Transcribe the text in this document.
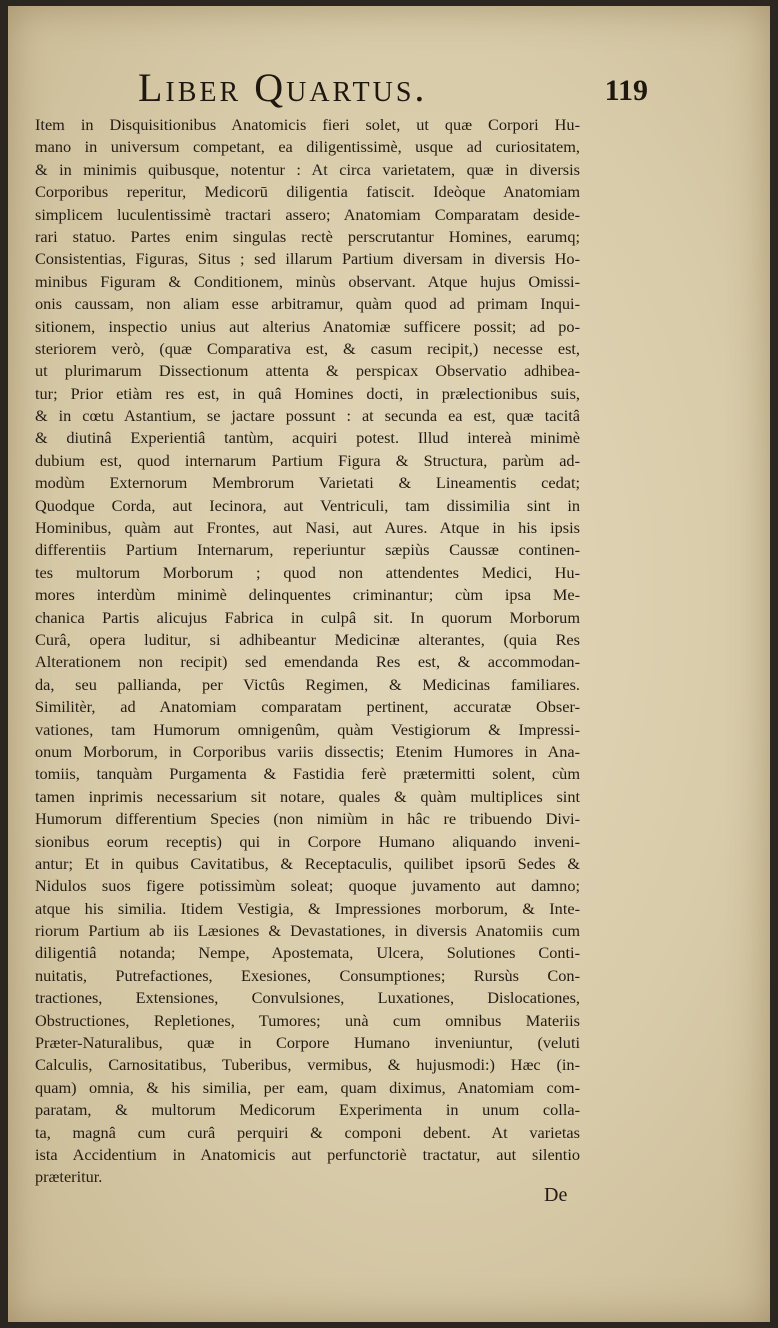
Liber Quartus.	119
Item in Disquisitionibus Anatomicis fieri solet, ut quæ Corpori Hu-
mano in universum competant, ea diligentissimè, usque ad curiositatem,
& in minimis quibusque, notentur : At circa varietatem, quæ in diversis
Corporibus reperitur, Medicorū diligentia fatiscit. Ideòque Anatomiam
simplicem luculentissimè tractari assero; Anatomiam Comparatam deside-
rari statuo. Partes enim singulas rectè perscrutantur Homines, earumq;
Consistentias, Figuras, Situs ; sed illarum Partium diversam in diversis Ho-
minibus Figuram & Conditionem, minùs observant. Atque hujus Omissi-
onis caussam, non aliam esse arbitramur, quàm quod ad primam Inqui-
sitionem, inspectio unius aut alterius Anatomiæ sufficere possit; ad po-
steriorem verò, (quæ Comparativa est, & casum recipit,) necesse est,
ut plurimarum Dissectionum attenta & perspicax Observatio adhibea-
tur; Prior etiàm res est, in quâ Homines docti, in prælectionibus suis,
& in cœtu Astantium, se jactare possunt : at secunda ea est, quæ tacitâ
& diutinâ Experientiâ tantùm, acquiri potest. Illud intereà minimè
dubium est, quod internarum Partium Figura & Structura, parùm ad-
modùm Externorum Membrorum Varietati & Lineamentis cedat;
Quodque Corda, aut Iecinora, aut Ventriculi, tam dissimilia sint in
Hominibus, quàm aut Frontes, aut Nasi, aut Aures. Atque in his ipsis
differentiis Partium Internarum, reperiuntur sæpiùs Caussæ continen-
tes multorum Morborum ; quod non attendentes Medici, Hu-
mores interdùm minimè delinquentes criminantur; cùm ipsa Me-
chanica Partis alicujus Fabrica in culpâ sit. In quorum Morborum
Curâ, opera luditur, si adhibeantur Medicinæ alterantes, (quia Res
Alterationem non recipit) sed emendanda Res est, & accommodan-
da, seu palliandа, per Victûs Regimen, & Medicinas familiares.
Similitèr, ad Anatomiam comparatam pertinent, accuratæ Obser-
vationes, tam Humorum omnigenûm, quàm Vestigiorum & Impressi-
onum Morborum, in Corporibus variis dissectis; Etenim Humores in Ana-
tomiis, tanquàm Purgamenta & Fastidia ferè prætermitti solent, cùm
tamen inprimis necessarium sit notare, quales & quàm multiplices sint
Humorum differentium Species (non nimiùm in hâc re tribuendo Divi-
sionibus eorum receptis) qui in Corpore Humano aliquando inveni-
antur; Et in quibus Cavitatibus, & Receptaculis, quilibet ipsorū Sedes &
Nidulos suos figere potissimùm soleat; quoque juvamento aut damno;
atque his similia. Itidem Vestigia, & Impressiones morborum, & Inte-
riorum Partium ab iis Læsiones & Devastationes, in diversis Anatomiis cum
diligentiâ notanda; Nempe, Apostemata, Ulcera, Solutiones Conti-
nuitatis, Putrefactiones, Exesiones, Consumptiones; Rursùs Con-
tractiones, Extensiones, Convulsiones, Luxationes, Dislocationes,
Obstructiones, Repletiones, Tumores; unà cum omnibus Materiis
Præter-Naturalibus, quæ in Corpore Humano inveniuntur, (veluti
Calculis, Carnositatibus, Tuberibus, vermibus, & hujusmodi:) Hæc (in-
quam) omnia, & his similia, per eam, quam diximus, Anatomiam com-
paratam, & multorum Medicorum Experimenta in unum colla-
ta, magnâ cum curâ perquiri & componi debent. At varietas
ista Accidentium in Anatomicis aut perfunctoriè tractatur, aut silentio
præteritur.
De
